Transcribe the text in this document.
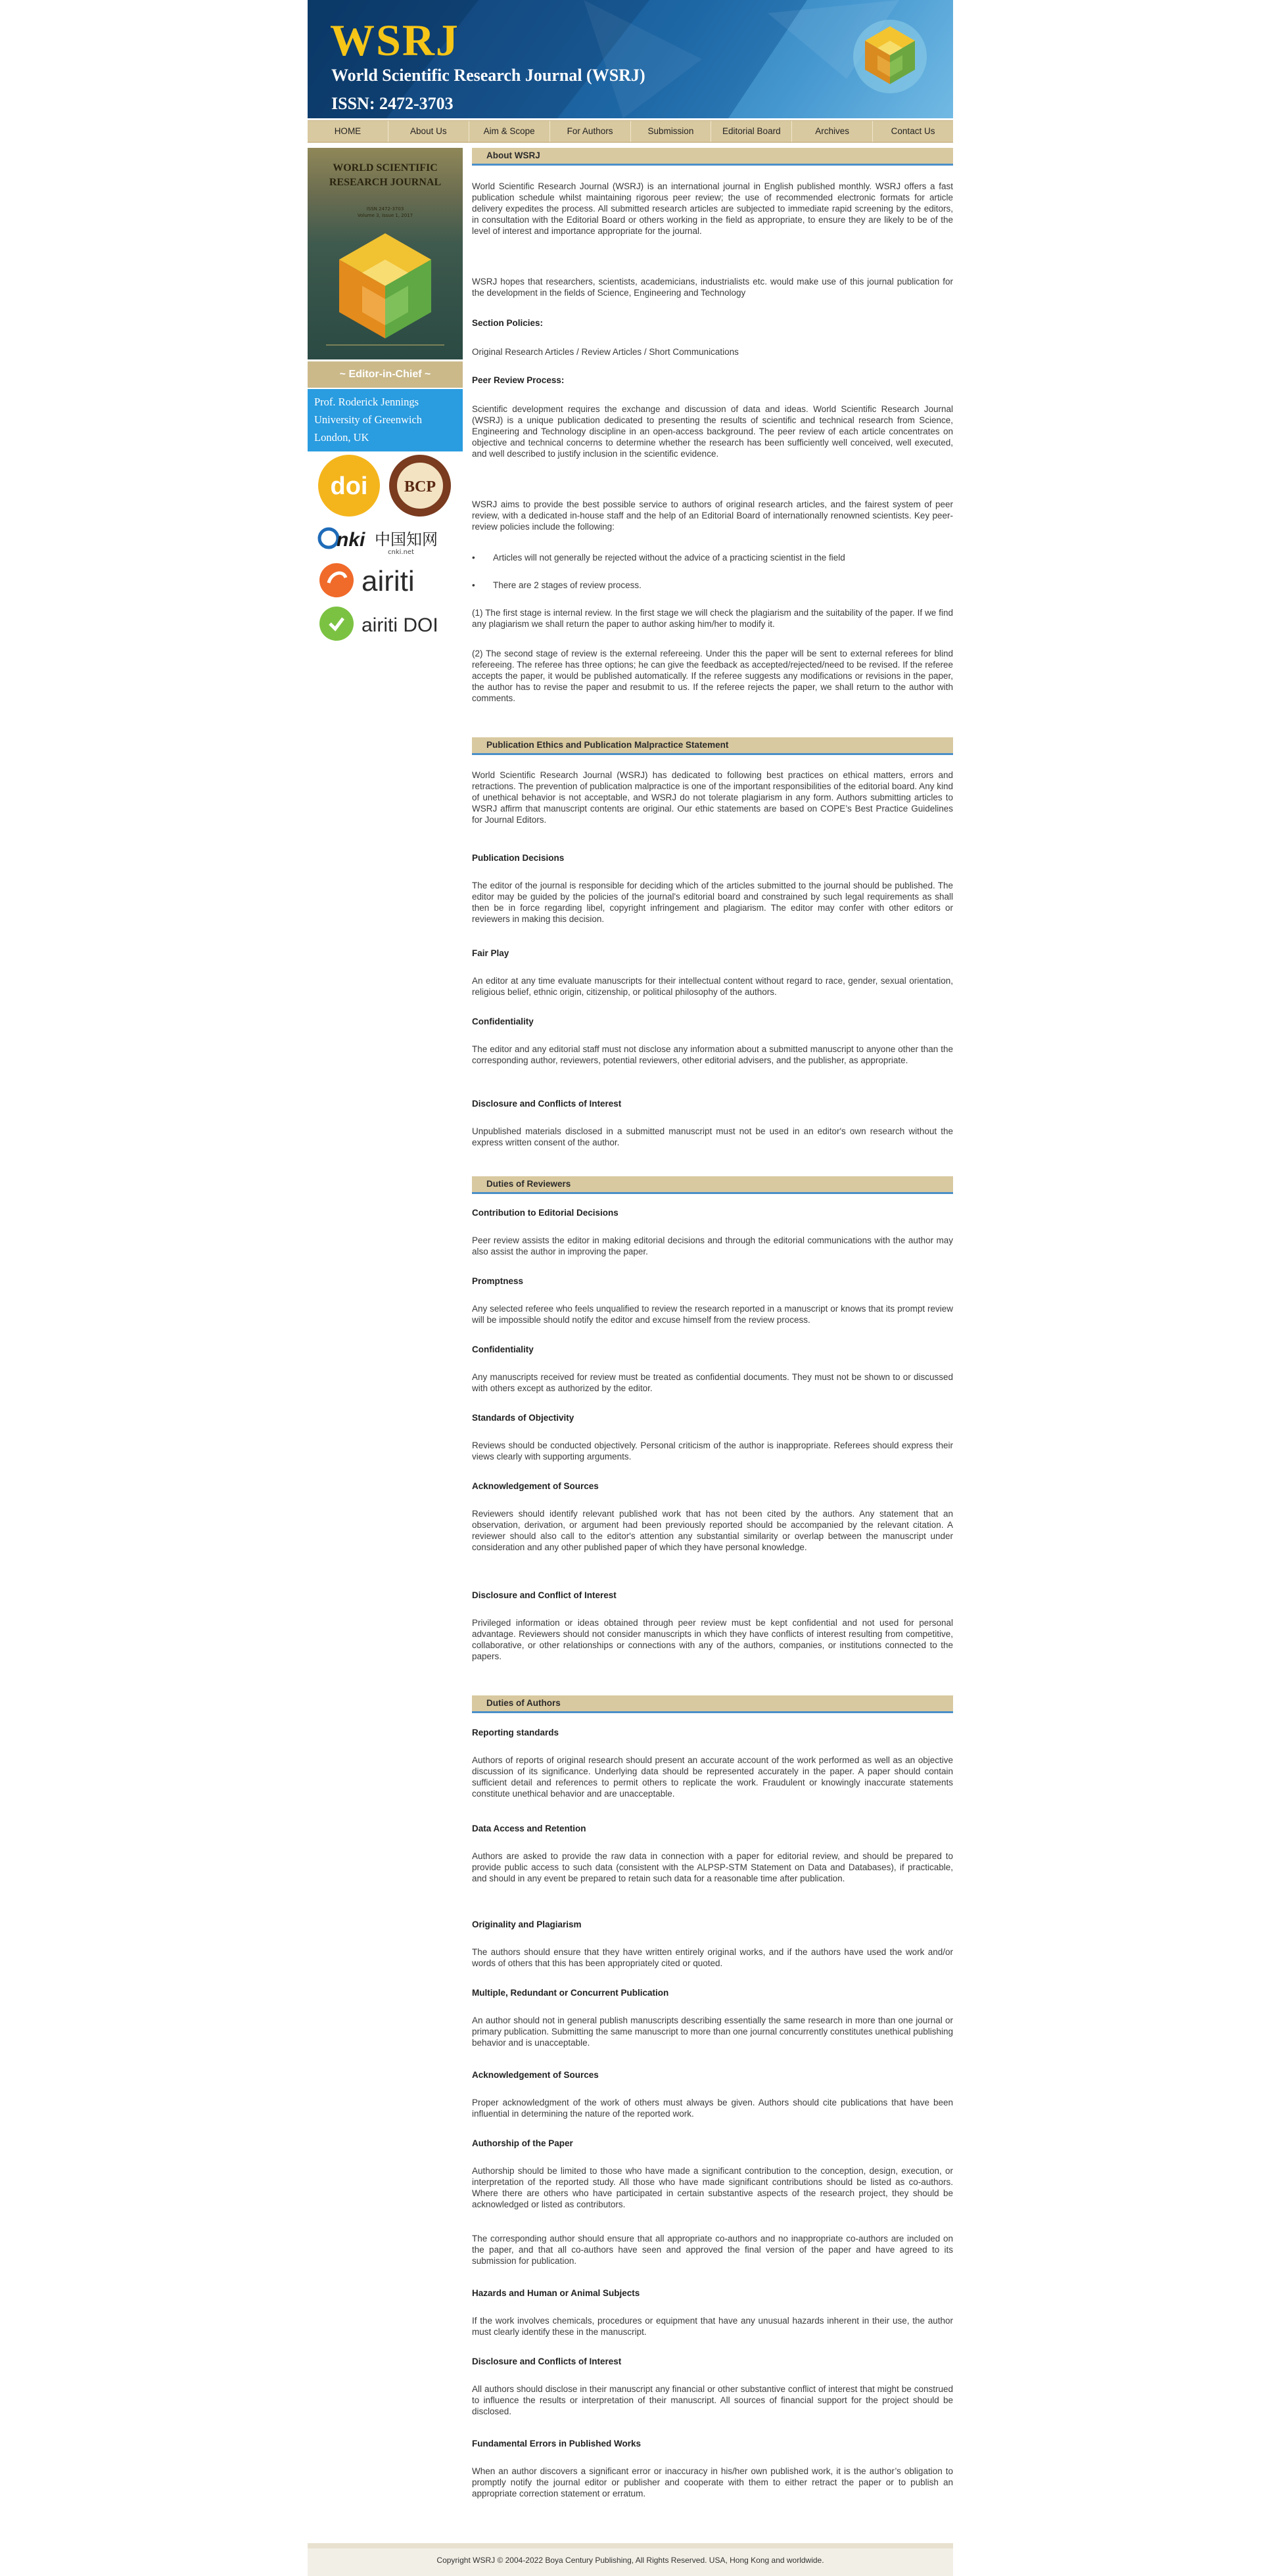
WSRJ
World Scientific Research Journal (WSRJ)
ISSN: 2472-3703
HOME	About Us	Aim & Scope	For Authors	Submission	Editorial Board	Archives	Contact Us
WORLD SCIENTIFIC
RESEARCH JOURNAL
ISSN 2472-3703
Volume 3, Issue 1, 2017
~ Editor-in-Chief ~
Prof. Roderick Jennings
University of Greenwich
London, UK
doi BCP
nki 中国知网
cnki.net
airiti
airiti DOI
About WSRJ
World Scientific Research Journal (WSRJ) is an international journal in English published monthly. WSRJ offers a fast publication schedule whilst maintaining rigorous peer review; the use of recommended electronic formats for article delivery expedites the process. All submitted research articles are subjected to immediate rapid screening by the editors, in consultation with the Editorial Board or others working in the field as appropriate, to ensure they are likely to be of the level of interest and importance appropriate for the journal.
WSRJ hopes that researchers, scientists, academicians, industrialists etc. would make use of this journal publication for the development in the fields of Science, Engineering and Technology
Section Policies:
Original Research Articles / Review Articles / Short Communications
Peer Review Process:
Scientific development requires the exchange and discussion of data and ideas. World Scientific Research Journal (WSRJ) is a unique publication dedicated to presenting the results of scientific and technical research from Science, Engineering and Technology discipline in an open-access background. The peer review of each article concentrates on objective and technical concerns to determine whether the research has been sufficiently well conceived, well executed, and well described to justify inclusion in the scientific evidence.
WSRJ aims to provide the best possible service to authors of original research articles, and the fairest system of peer review, with a dedicated in-house staff and the help of an Editorial Board of internationally renowned scientists. Key peer-review policies include the following:
• Articles will not generally be rejected without the advice of a practicing scientist in the field
• There are 2 stages of review process.
(1) The first stage is internal review. In the first stage we will check the plagiarism and the suitability of the paper. If we find any plagiarism we shall return the paper to author asking him/her to modify it.
(2) The second stage of review is the external refereeing. Under this the paper will be sent to external referees for blind refereeing. The referee has three options; he can give the feedback as accepted/rejected/need to be revised. If the referee accepts the paper, it would be published automatically. If the referee suggests any modifications or revisions in the paper, the author has to revise the paper and resubmit to us. If the referee rejects the paper, we shall return to the author with comments.
Publication Ethics and Publication Malpractice Statement
World Scientific Research Journal (WSRJ) has dedicated to following best practices on ethical matters, errors and retractions. The prevention of publication malpractice is one of the important responsibilities of the editorial board. Any kind of unethical behavior is not acceptable, and WSRJ do not tolerate plagiarism in any form. Authors submitting articles to WSRJ affirm that manuscript contents are original. Our ethic statements are based on COPE’s Best Practice Guidelines for Journal Editors.
Publication Decisions
The editor of the journal is responsible for deciding which of the articles submitted to the journal should be published. The editor may be guided by the policies of the journal's editorial board and constrained by such legal requirements as shall then be in force regarding libel, copyright infringement and plagiarism. The editor may confer with other editors or reviewers in making this decision.
Fair Play
An editor at any time evaluate manuscripts for their intellectual content without regard to race, gender, sexual orientation, religious belief, ethnic origin, citizenship, or political philosophy of the authors.
Confidentiality
The editor and any editorial staff must not disclose any information about a submitted manuscript to anyone other than the corresponding author, reviewers, potential reviewers, other editorial advisers, and the publisher, as appropriate.
Disclosure and Conflicts of Interest
Unpublished materials disclosed in a submitted manuscript must not be used in an editor's own research without the express written consent of the author.
Duties of Reviewers
Contribution to Editorial Decisions
Peer review assists the editor in making editorial decisions and through the editorial communications with the author may also assist the author in improving the paper.
Promptness
Any selected referee who feels unqualified to review the research reported in a manuscript or knows that its prompt review will be impossible should notify the editor and excuse himself from the review process.
Confidentiality
Any manuscripts received for review must be treated as confidential documents. They must not be shown to or discussed with others except as authorized by the editor.
Standards of Objectivity
Reviews should be conducted objectively. Personal criticism of the author is inappropriate. Referees should express their views clearly with supporting arguments.
Acknowledgement of Sources
Reviewers should identify relevant published work that has not been cited by the authors. Any statement that an observation, derivation, or argument had been previously reported should be accompanied by the relevant citation. A reviewer should also call to the editor's attention any substantial similarity or overlap between the manuscript under consideration and any other published paper of which they have personal knowledge.
Disclosure and Conflict of Interest
Privileged information or ideas obtained through peer review must be kept confidential and not used for personal advantage. Reviewers should not consider manuscripts in which they have conflicts of interest resulting from competitive, collaborative, or other relationships or connections with any of the authors, companies, or institutions connected to the papers.
Duties of Authors
Reporting standards
Authors of reports of original research should present an accurate account of the work performed as well as an objective discussion of its significance. Underlying data should be represented accurately in the paper. A paper should contain sufficient detail and references to permit others to replicate the work. Fraudulent or knowingly inaccurate statements constitute unethical behavior and are unacceptable.
Data Access and Retention
Authors are asked to provide the raw data in connection with a paper for editorial review, and should be prepared to provide public access to such data (consistent with the ALPSP-STM Statement on Data and Databases), if practicable, and should in any event be prepared to retain such data for a reasonable time after publication.
Originality and Plagiarism
The authors should ensure that they have written entirely original works, and if the authors have used the work and/or words of others that this has been appropriately cited or quoted.
Multiple, Redundant or Concurrent Publication
An author should not in general publish manuscripts describing essentially the same research in more than one journal or primary publication. Submitting the same manuscript to more than one journal concurrently constitutes unethical publishing behavior and is unacceptable.
Acknowledgement of Sources
Proper acknowledgment of the work of others must always be given. Authors should cite publications that have been influential in determining the nature of the reported work.
Authorship of the Paper
Authorship should be limited to those who have made a significant contribution to the conception, design, execution, or interpretation of the reported study. All those who have made significant contributions should be listed as co-authors. Where there are others who have participated in certain substantive aspects of the research project, they should be acknowledged or listed as contributors.
The corresponding author should ensure that all appropriate co-authors and no inappropriate co-authors are included on the paper, and that all co-authors have seen and approved the final version of the paper and have agreed to its submission for publication.
Hazards and Human or Animal Subjects
If the work involves chemicals, procedures or equipment that have any unusual hazards inherent in their use, the author must clearly identify these in the manuscript.
Disclosure and Conflicts of Interest
All authors should disclose in their manuscript any financial or other substantive conflict of interest that might be construed to influence the results or interpretation of their manuscript. All sources of financial support for the project should be disclosed.
Fundamental Errors in Published Works
When an author discovers a significant error or inaccuracy in his/her own published work, it is the author’s obligation to promptly notify the journal editor or publisher and cooperate with them to either retract the paper or to publish an appropriate correction statement or erratum.
Copyright WSRJ © 2004-2022 Boya Century Publishing, All Rights Reserved. USA, Hong Kong and worldwide.
